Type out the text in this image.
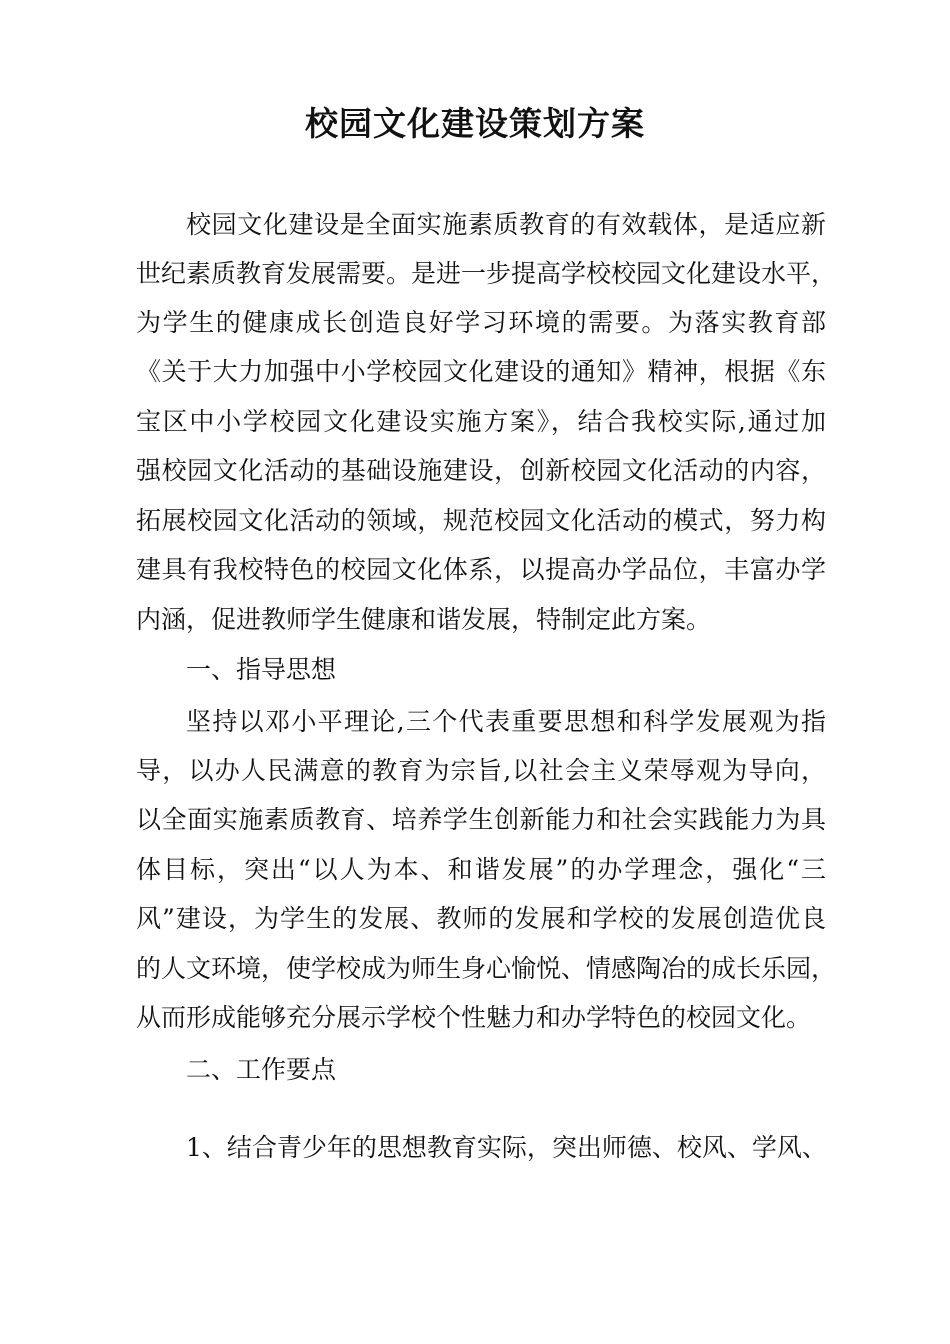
校园文化建设策划方案
校园文化建设是全面实施素质教育的有效载体，是适应新
世纪素质教育发展需要。是进一步提高学校校园文化建设水平，
为学生的健康成长创造良好学习环境的需要。为落实教育部
《关于大力加强中小学校园文化建设的通知》精神，根据《东
宝区中小学校园文化建设实施方案》，结合我校实际,通过加
强校园文化活动的基础设施建设，创新校园文化活动的内容，
拓展校园文化活动的领域，规范校园文化活动的模式，努力构
建具有我校特色的校园文化体系，以提高办学品位，丰富办学
内涵，促进教师学生健康和谐发展，特制定此方案。
一、指导思想
坚持以邓小平理论,三个代表重要思想和科学发展观为指
导，以办人民满意的教育为宗旨,以社会主义荣辱观为导向，
以全面实施素质教育、培养学生创新能力和社会实践能力为具
体目标，突出“以人为本、和谐发展”的办学理念，强化“三
风”建设，为学生的发展、教师的发展和学校的发展创造优良
的人文环境，使学校成为师生身心愉悦、情感陶冶的成长乐园，
从而形成能够充分展示学校个性魅力和办学特色的校园文化。
二、工作要点
1、结合青少年的思想教育实际，突出师德、校风、学风、
